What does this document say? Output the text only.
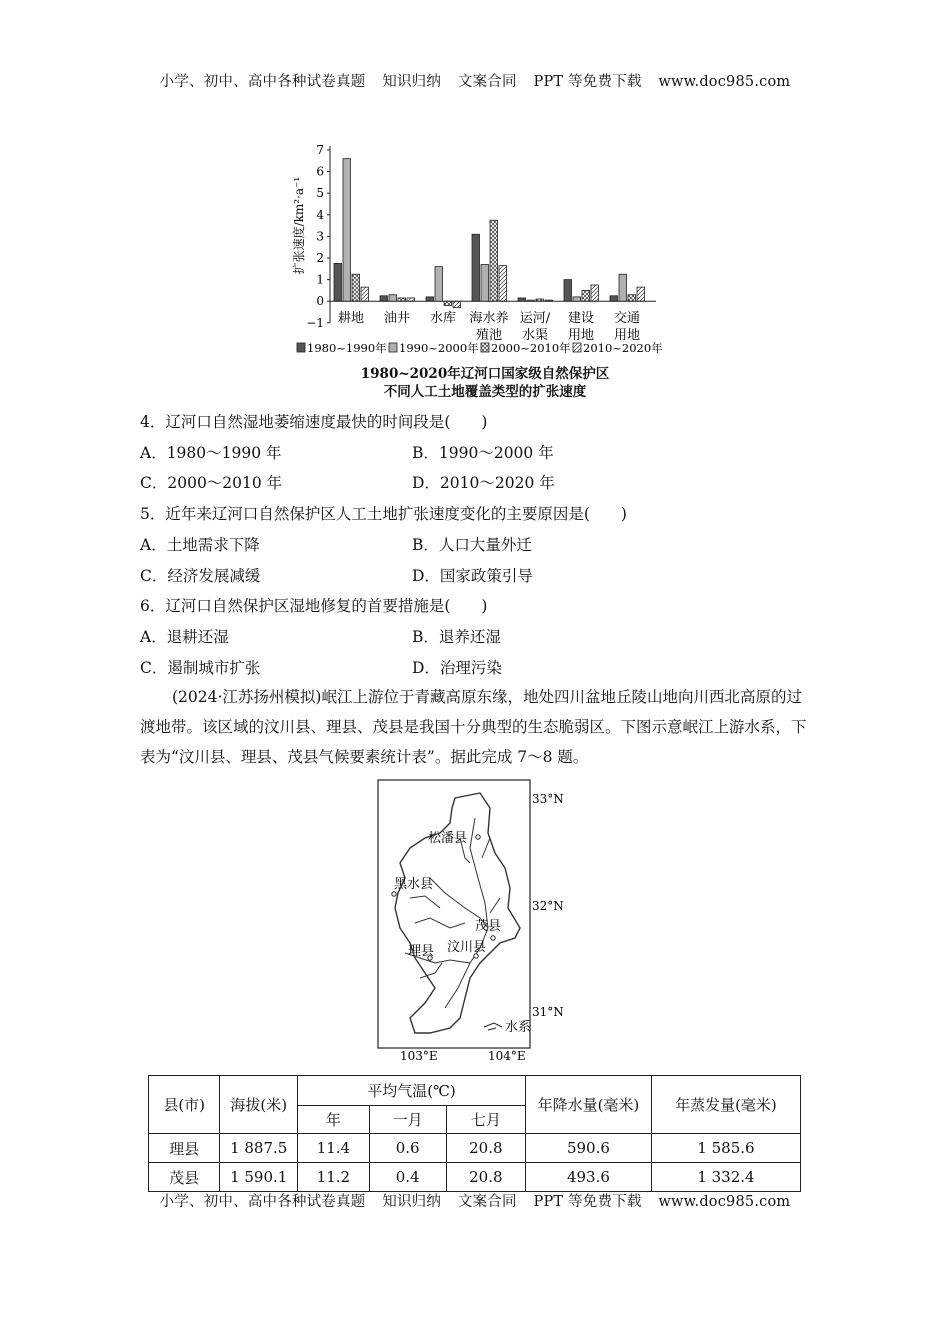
小学、初中、高中各种试卷真题 知识归纳 文案合同 PPT 等免费下载 www.doc985.com
7
6
5
4
3
2
1
0
−1
扩张速度/km²·a⁻¹
耕地 油井 水库 海水养
殖池
运河/
水渠
建设
用地
交通
用地
1980~1990年 1990~2000年 2000~2010年 2010~2020年
1980~2020年辽河口国家级自然保护区
不同人工土地覆盖类型的扩张速度
4．辽河口自然湿地萎缩速度最快的时间段是(　　)
A．1980～1990 年	B．1990～2000 年
C．2000～2010 年	D．2010～2020 年
5．近年来辽河口自然保护区人工土地扩张速度变化的主要原因是(　　)
A．土地需求下降	B．人口大量外迁
C．经济发展减缓	D．国家政策引导
6．辽河口自然保护区湿地修复的首要措施是(　　)
A．退耕还湿	B．退养还湿
C．遏制城市扩张	D．治理污染
(2024·江苏扬州模拟)岷江上游位于青藏高原东缘，地处四川盆地丘陵山地向川西北高原的过渡地带。该区域的汶川县、理县、茂县是我国十分典型的生态脆弱区。下图示意岷江上游水系，下表为“汶川县、理县、茂县气候要素统计表”。据此完成 7～8 题。
33°N
32°N
31°N
103°E	104°E
松潘县
黑水县
茂县
理县 汶川县
水系
县(市)	海拔(米)	平均气温(℃)			年降水量(毫米)	年蒸发量(毫米)
		年	一月	七月		
理县	1 887.5	11.4	0.6	20.8	590.6	1 585.6
茂县	1 590.1	11.2	0.4	20.8	493.6	1 332.4
小学、初中、高中各种试卷真题 知识归纳 文案合同 PPT 等免费下载 www.doc985.com
